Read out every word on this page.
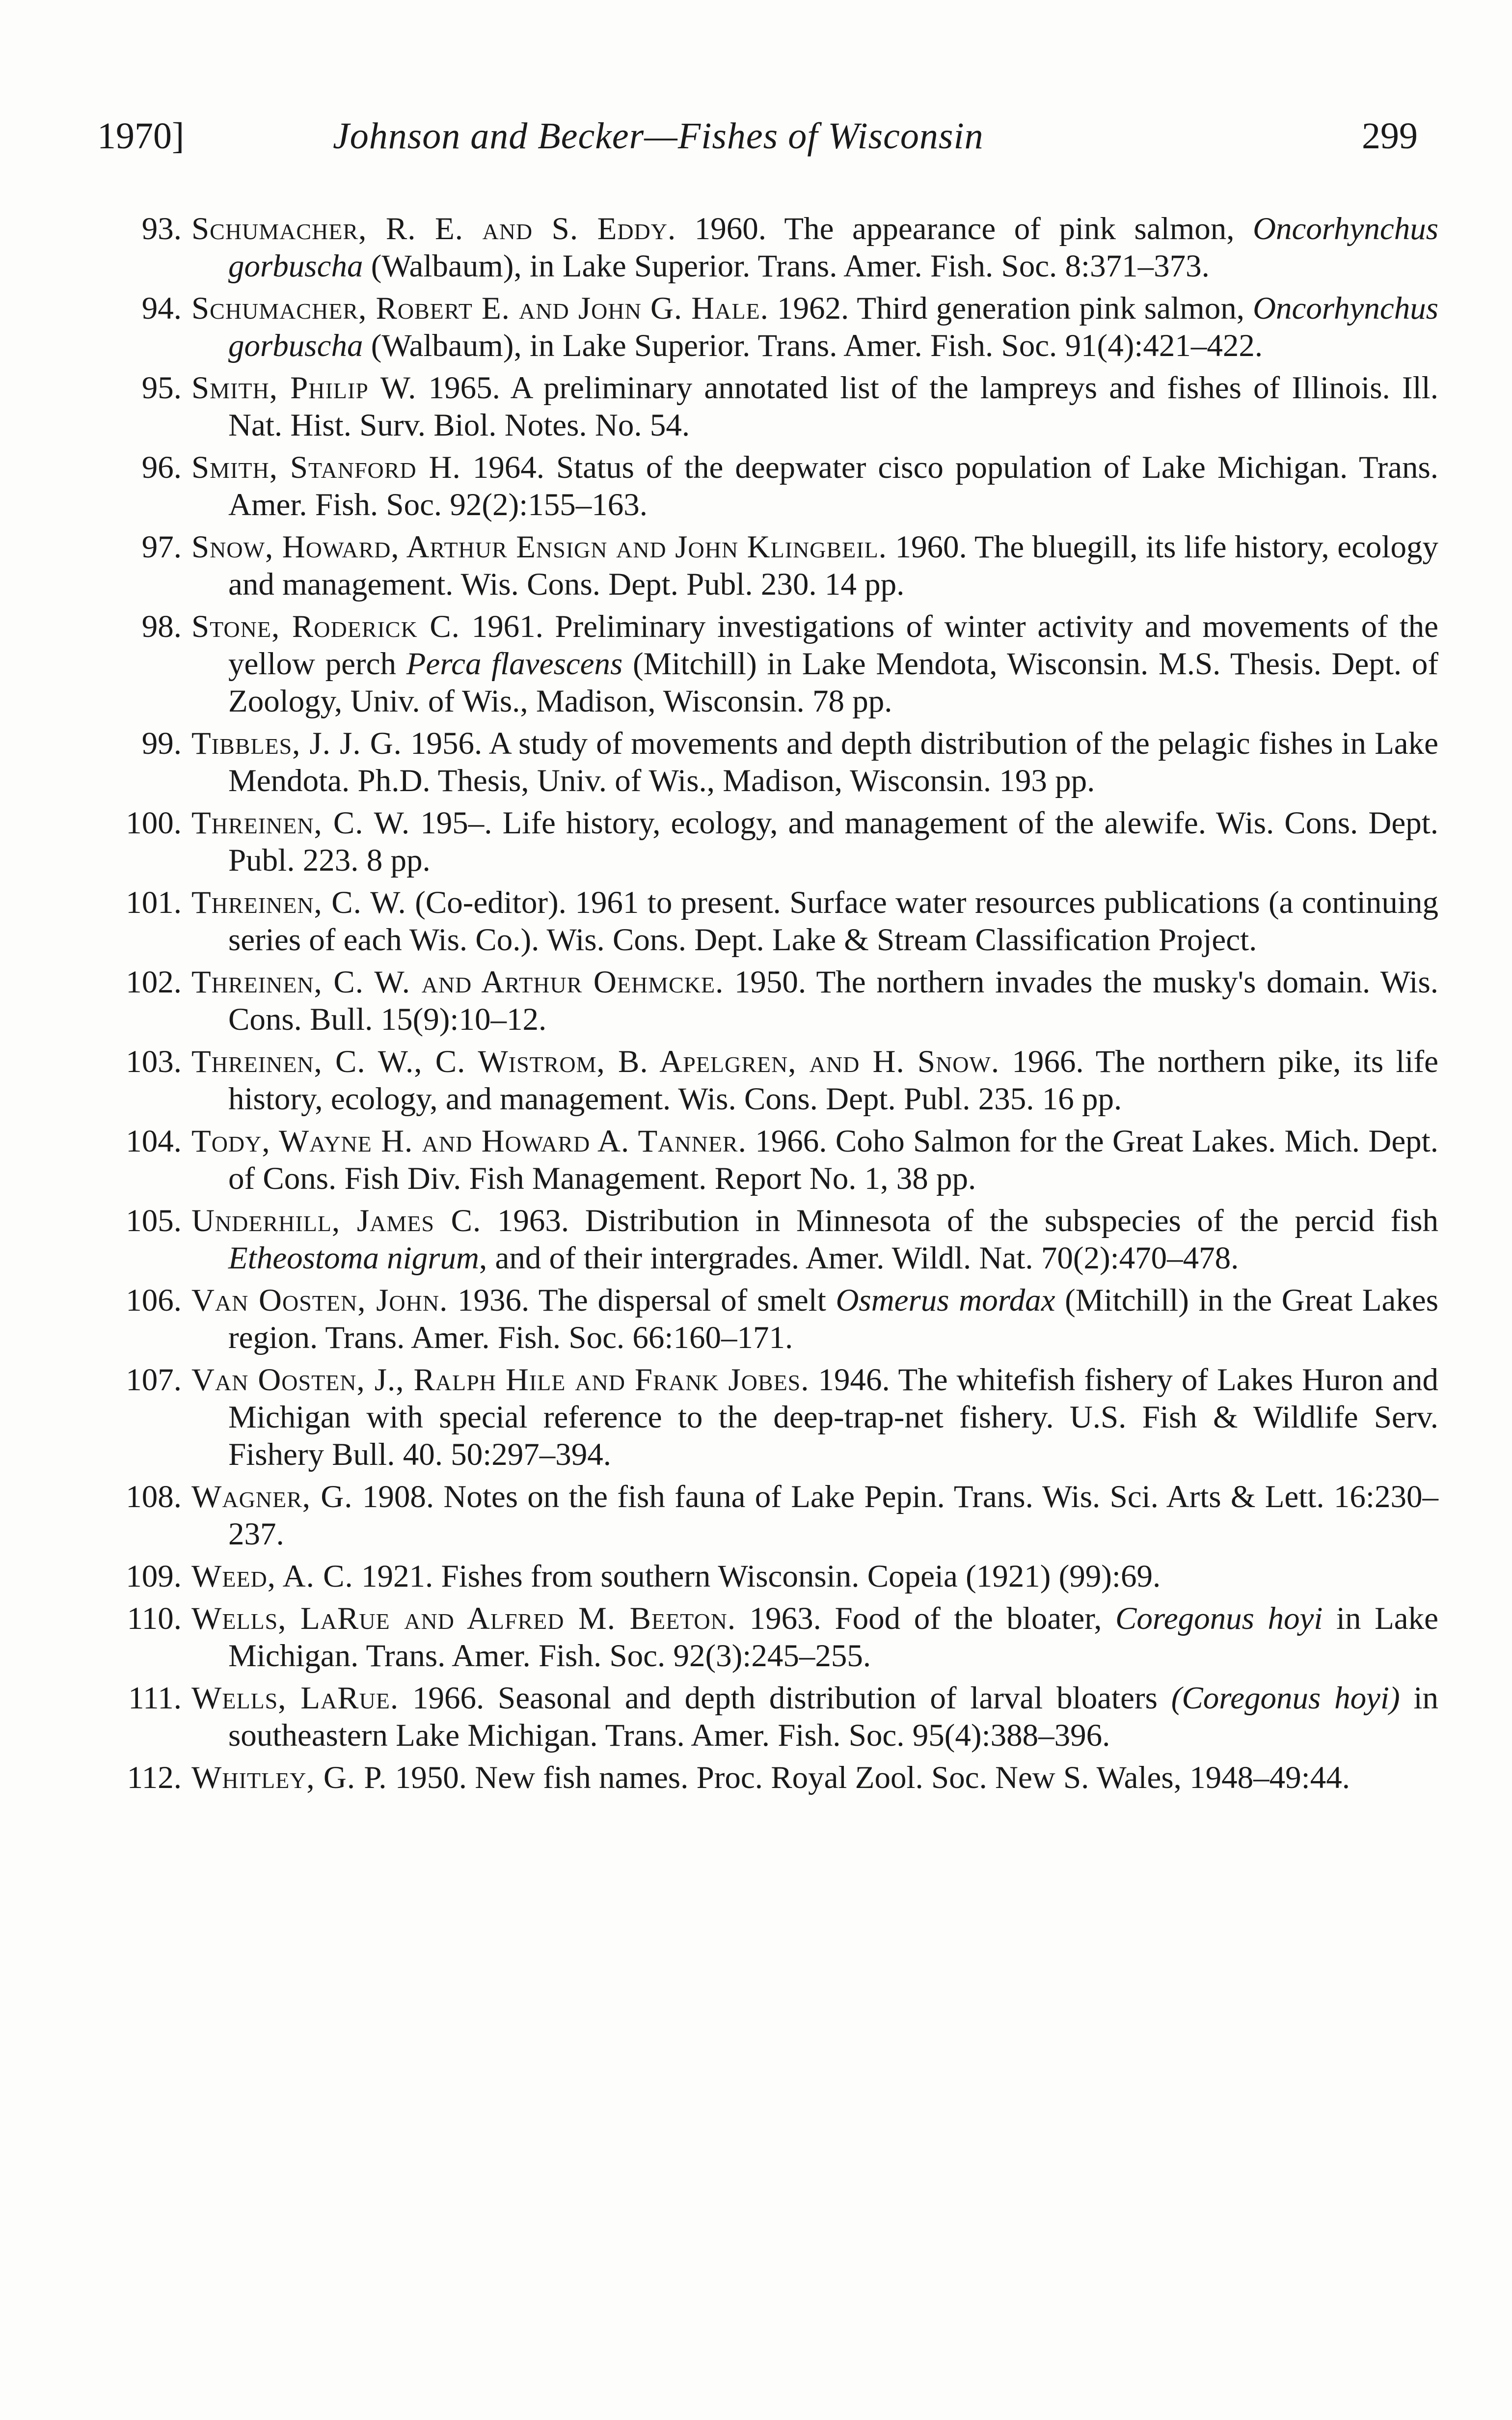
1970]	Johnson and Becker—Fishes of Wisconsin	299
93. Schumacher, R. E. and S. Eddy. 1960. The appearance of pink salmon, Oncorhynchus gorbuscha (Walbaum), in Lake Superior. Trans. Amer. Fish. Soc. 8:371–373.
94. Schumacher, Robert E. and John G. Hale. 1962. Third generation pink salmon, Oncorhynchus gorbuscha (Walbaum), in Lake Superior. Trans. Amer. Fish. Soc. 91(4):421–422.
95. Smith, Philip W. 1965. A preliminary annotated list of the lampreys and fishes of Illinois. Ill. Nat. Hist. Surv. Biol. Notes. No. 54.
96. Smith, Stanford H. 1964. Status of the deepwater cisco population of Lake Michigan. Trans. Amer. Fish. Soc. 92(2):155–163.
97. Snow, Howard, Arthur Ensign and John Klingbeil. 1960. The bluegill, its life history, ecology and management. Wis. Cons. Dept. Publ. 230. 14 pp.
98. Stone, Roderick C. 1961. Preliminary investigations of winter activity and movements of the yellow perch Perca flavescens (Mitchill) in Lake Mendota, Wisconsin. M.S. Thesis. Dept. of Zoology, Univ. of Wis., Madison, Wisconsin. 78 pp.
99. Tibbles, J. J. G. 1956. A study of movements and depth distribution of the pelagic fishes in Lake Mendota. Ph.D. Thesis, Univ. of Wis., Madison, Wisconsin. 193 pp.
100. Threinen, C. W. 195–. Life history, ecology, and management of the alewife. Wis. Cons. Dept. Publ. 223. 8 pp.
101. Threinen, C. W. (Co-editor). 1961 to present. Surface water resources publications (a continuing series of each Wis. Co.). Wis. Cons. Dept. Lake & Stream Classification Project.
102. Threinen, C. W. and Arthur Oehmcke. 1950. The northern invades the musky's domain. Wis. Cons. Bull. 15(9):10–12.
103. Threinen, C. W., C. Wistrom, B. Apelgren, and H. Snow. 1966. The northern pike, its life history, ecology, and management. Wis. Cons. Dept. Publ. 235. 16 pp.
104. Tody, Wayne H. and Howard A. Tanner. 1966. Coho Salmon for the Great Lakes. Mich. Dept. of Cons. Fish Div. Fish Management. Report No. 1, 38 pp.
105. Underhill, James C. 1963. Distribution in Minnesota of the subspecies of the percid fish Etheostoma nigrum, and of their intergrades. Amer. Wildl. Nat. 70(2):470–478.
106. Van Oosten, John. 1936. The dispersal of smelt Osmerus mordax (Mitchill) in the Great Lakes region. Trans. Amer. Fish. Soc. 66:160–171.
107. Van Oosten, J., Ralph Hile and Frank Jobes. 1946. The whitefish fishery of Lakes Huron and Michigan with special reference to the deep-trap-net fishery. U.S. Fish & Wildlife Serv. Fishery Bull. 40. 50:297–394.
108. Wagner, G. 1908. Notes on the fish fauna of Lake Pepin. Trans. Wis. Sci. Arts & Lett. 16:230–237.
109. Weed, A. C. 1921. Fishes from southern Wisconsin. Copeia (1921) (99):69.
110. Wells, LaRue and Alfred M. Beeton. 1963. Food of the bloater, Coregonus hoyi in Lake Michigan. Trans. Amer. Fish. Soc. 92(3):245–255.
111. Wells, LaRue. 1966. Seasonal and depth distribution of larval bloaters (Coregonus hoyi) in southeastern Lake Michigan. Trans. Amer. Fish. Soc. 95(4):388–396.
112. Whitley, G. P. 1950. New fish names. Proc. Royal Zool. Soc. New S. Wales, 1948–49:44.
